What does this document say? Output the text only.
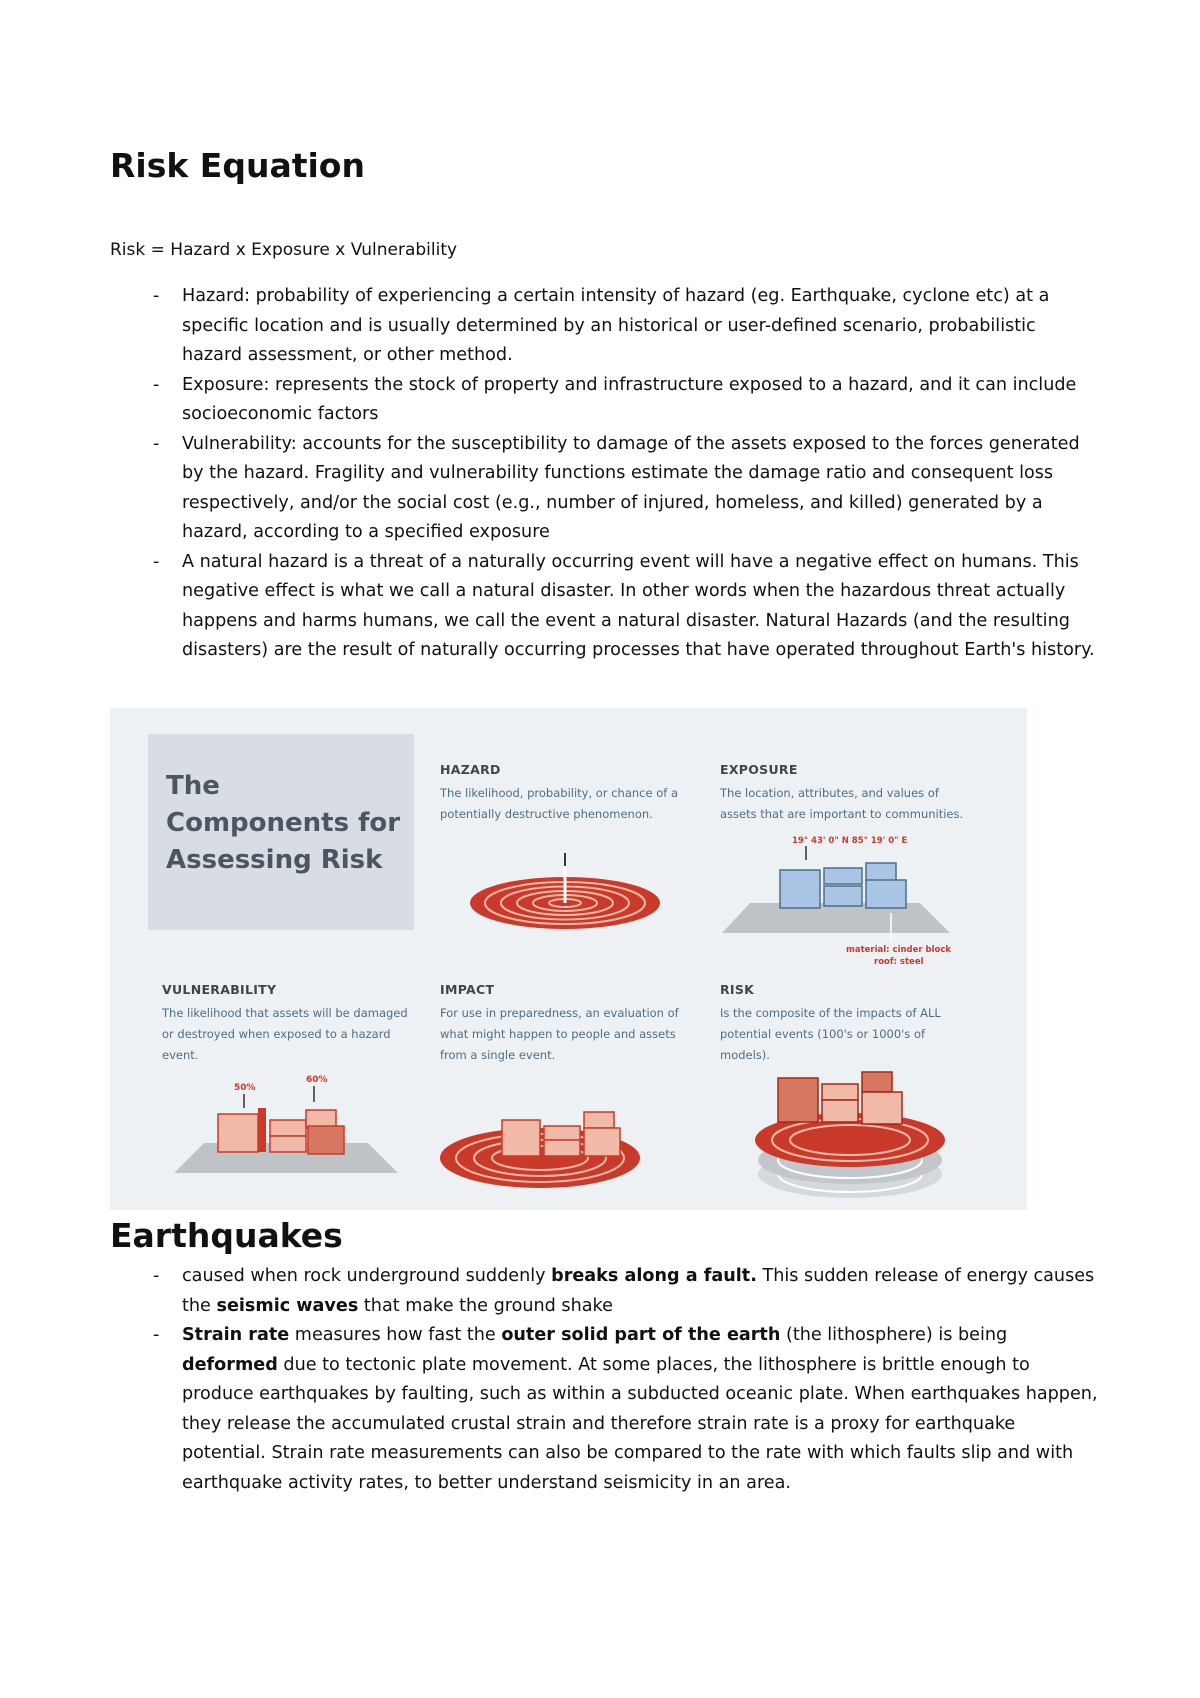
Risk Equation
Risk = Hazard x Exposure x Vulnerability
- Hazard: probability of experiencing a certain intensity of hazard (eg. Earthquake, cyclone etc) at a specific location and is usually determined by an historical or user-defined scenario, probabilistic hazard assessment, or other method.
- Exposure: represents the stock of property and infrastructure exposed to a hazard, and it can include socioeconomic factors
- Vulnerability: accounts for the susceptibility to damage of the assets exposed to the forces generated by the hazard. Fragility and vulnerability functions estimate the damage ratio and consequent loss respectively, and/or the social cost (e.g., number of injured, homeless, and killed) generated by a hazard, according to a specified exposure
- A natural hazard is a threat of a naturally occurring event will have a negative effect on humans. This negative effect is what we call a natural disaster. In other words when the hazardous threat actually happens and harms humans, we call the event a natural disaster. Natural Hazards (and the resulting disasters) are the result of naturally occurring processes that have operated throughout Earth's history.
The Components for Assessing Risk
HAZARD
The likelihood, probability, or chance of a potentially destructive phenomenon.
EXPOSURE
The location, attributes, and values of assets that are important to communities.
VULNERABILITY
The likelihood that assets will be damaged or destroyed when exposed to a hazard event.
IMPACT
For use in preparedness, an evaluation of what might happen to people and assets from a single event.
RISK
Is the composite of the impacts of ALL potential events (100's or 1000's of models).
19° 43' 0" N 85° 19' 0" E
material: cinder block
roof: steel
50%
60%
Earthquakes
- caused when rock underground suddenly breaks along a fault. This sudden release of energy causes the seismic waves that make the ground shake
- Strain rate measures how fast the outer solid part of the earth (the lithosphere) is being deformed due to tectonic plate movement. At some places, the lithosphere is brittle enough to produce earthquakes by faulting, such as within a subducted oceanic plate. When earthquakes happen, they release the accumulated crustal strain and therefore strain rate is a proxy for earthquake potential. Strain rate measurements can also be compared to the rate with which faults slip and with earthquake activity rates, to better understand seismicity in an area.
